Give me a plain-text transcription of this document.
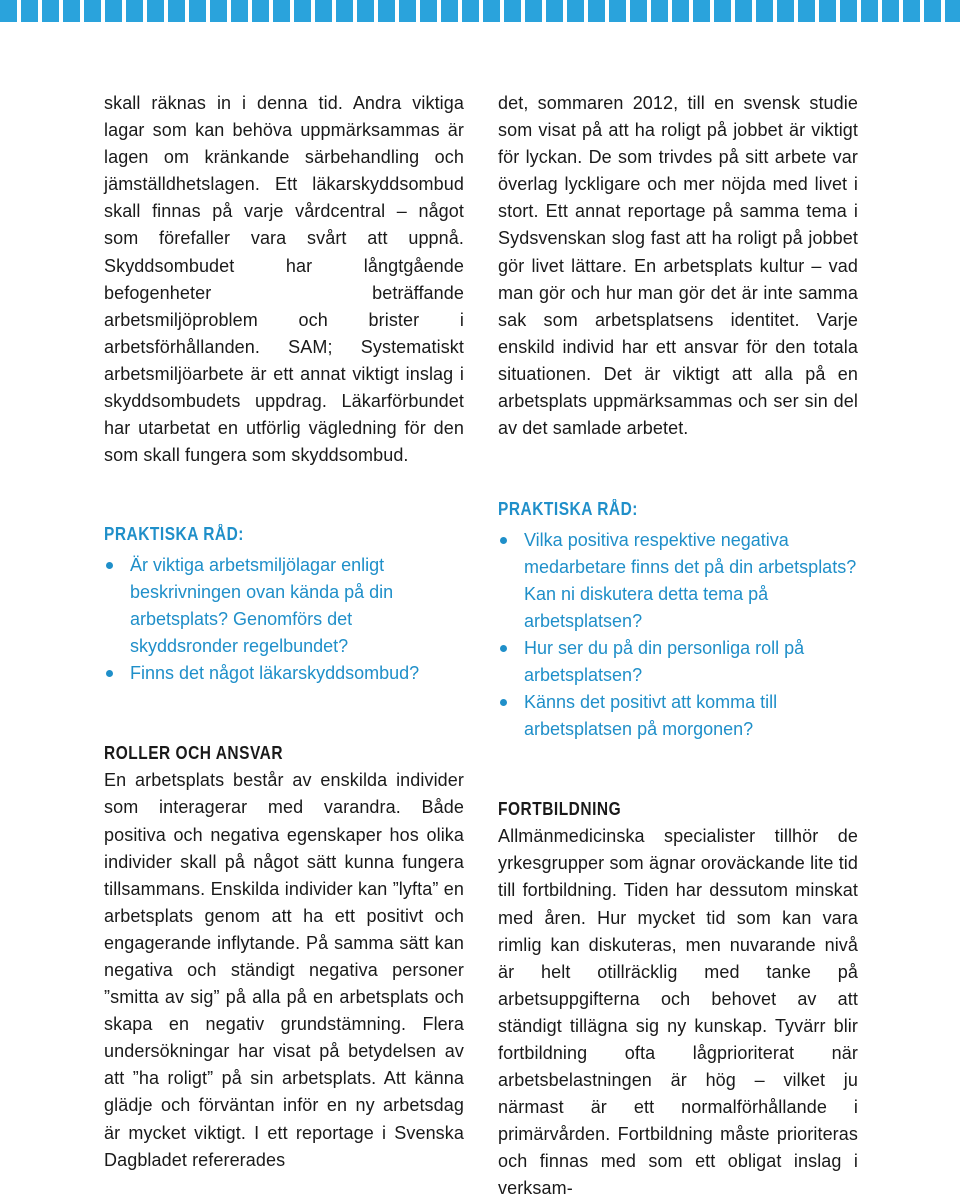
skall räknas in i denna tid. Andra viktiga lagar som kan behöva uppmärksammas är lagen om kränkande särbehandling och jämställdhetslagen. Ett läkarskyddsombud skall finnas på varje vårdcentral – något som förefaller vara svårt att uppnå. Skyddsombudet har långtgående befogenheter beträffande arbetsmiljöproblem och brister i arbetsförhållanden. SAM; Systematiskt arbetsmiljöarbete är ett annat viktigt inslag i skyddsombudets uppdrag. Läkarförbundet har utarbetat en utförlig vägledning för den som skall fungera som skyddsombud.

PRAKTISKA RÅD:
Är viktiga arbetsmiljölagar enligt beskrivningen ovan kända på din arbetsplats? Genomförs det skyddsronder regelbundet?
Finns det något läkarskyddsombud?
ROLLER OCH ANSVAR

En arbetsplats består av enskilda individer som interagerar med varandra. Både positiva och negativa egenskaper hos olika individer skall på något sätt kunna fungera tillsammans. Enskilda individer kan ”lyfta” en arbetsplats genom att ha ett positivt och engagerande inflytande. På samma sätt kan negativa och ständigt negativa personer ”smitta av sig” på alla på en arbetsplats och skapa en negativ grundstämning. Flera undersökningar har visat på betydelsen av att ”ha roligt” på sin arbetsplats. Att känna glädje och förväntan inför en ny arbetsdag är mycket viktigt. I ett reportage i Svenska Dagbladet refererades

det, sommaren 2012, till en svensk studie som visat på att ha roligt på jobbet är viktigt för lyckan. De som trivdes på sitt arbete var överlag lyckligare och mer nöjda med livet i stort. Ett annat reportage på samma tema i Sydsvenskan slog fast att ha roligt på jobbet gör livet lättare. En arbetsplats kultur – vad man gör och hur man gör det är inte samma sak som arbetsplatsens identitet. Varje enskild individ har ett ansvar för den totala situationen. Det är viktigt att alla på en arbetsplats uppmärksammas och ser sin del av det samlade arbetet.

PRAKTISKA RÅD:
Vilka positiva respektive negativa medarbetare finns det på din arbetsplats? Kan ni diskutera detta tema på arbetsplatsen?
Hur ser du på din personliga roll på arbetsplatsen?
Känns det positivt att komma till arbetsplatsen på morgonen?
FORTBILDNING

Allmänmedicinska specialister tillhör de yrkesgrupper som ägnar oroväckande lite tid till fortbildning. Tiden har dessutom minskat med åren. Hur mycket tid som kan vara rimlig kan diskuteras, men nuvarande nivå är helt otillräcklig med tanke på arbetsuppgifterna och behovet av att ständigt tillägna sig ny kunskap. Tyvärr blir fortbildning ofta lågprioriterat när arbetsbelastningen är hög – vilket ju närmast är ett normalförhållande i primärvården. Fortbildning måste prioriteras och finnas med som ett obligat inslag i verksam-
